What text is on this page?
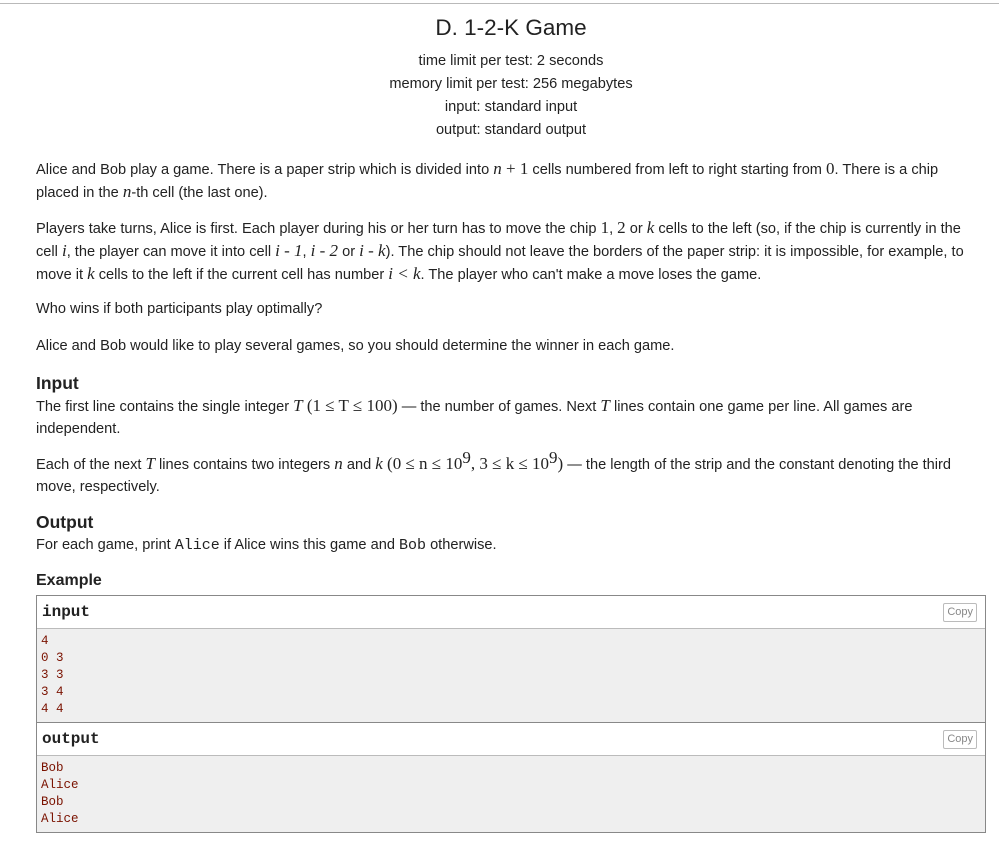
D. 1-2-K Game
time limit per test: 2 seconds
memory limit per test: 256 megabytes
input: standard input
output: standard output

Alice and Bob play a game. There is a paper strip which is divided into n + 1 cells numbered from left to right starting from 0. There is a chip placed in the n-th cell (the last one).

Players take turns, Alice is first. Each player during his or her turn has to move the chip 1, 2 or k cells to the left (so, if the chip is currently in the cell i, the player can move it into cell i - 1, i - 2 or i - k). The chip should not leave the borders of the paper strip: it is impossible, for example, to move it k cells to the left if the current cell has number i < k. The player who can't make a move loses the game.

Who wins if both participants play optimally?

Alice and Bob would like to play several games, so you should determine the winner in each game.

Input

The first line contains the single integer T (1 ≤ T ≤ 100) — the number of games. Next T lines contain one game per line. All games are independent.

Each of the next T lines contains two integers n and k ($0 \le n \le 10^9$, $3 \le k \le 10^9$) — the length of the strip and the constant denoting the third move, respectively.

Output

For each game, print Alice if Alice wins this game and Bob otherwise.

Example
input	Copy
4
0 3
3 3
3 4
4 4
output	Copy
Bob
Alice
Bob
Alice
